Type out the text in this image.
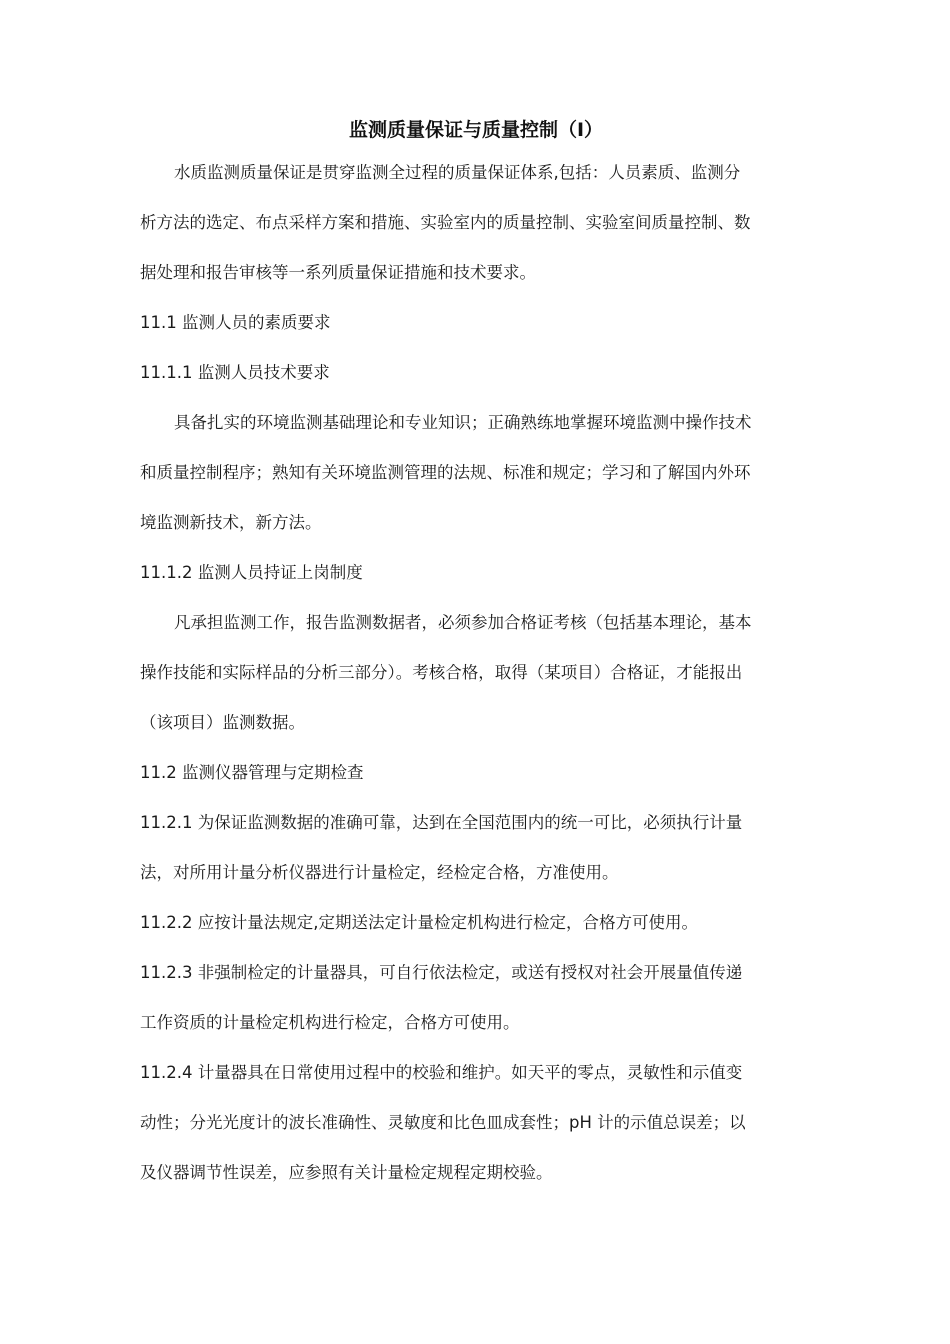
监测质量保证与质量控制（I）

水质监测质量保证是贯穿监测全过程的质量保证体系,包括：人员素质、监测分

析方法的选定、布点采样方案和措施、实验室内的质量控制、实验室间质量控制、数

据处理和报告审核等一系列质量保证措施和技术要求。

11.1 监测人员的素质要求

11.1.1 监测人员技术要求

具备扎实的环境监测基础理论和专业知识；正确熟练地掌握环境监测中操作技术

和质量控制程序；熟知有关环境监测管理的法规、标准和规定；学习和了解国内外环

境监测新技术，新方法。

11.1.2 监测人员持证上岗制度

凡承担监测工作，报告监测数据者，必须参加合格证考核（包括基本理论，基本

操作技能和实际样品的分析三部分）。考核合格，取得（某项目）合格证，才能报出

（该项目）监测数据。

11.2 监测仪器管理与定期检查

11.2.1 为保证监测数据的准确可靠，达到在全国范围内的统一可比，必须执行计量

法，对所用计量分析仪器进行计量检定，经检定合格，方准使用。

11.2.2 应按计量法规定,定期送法定计量检定机构进行检定，合格方可使用。

11.2.3 非强制检定的计量器具，可自行依法检定，或送有授权对社会开展量值传递

工作资质的计量检定机构进行检定，合格方可使用。

11.2.4 计量器具在日常使用过程中的校验和维护。如天平的零点，灵敏性和示值变

动性；分光光度计的波长准确性、灵敏度和比色皿成套性；pH 计的示值总误差；以

及仪器调节性误差，应参照有关计量检定规程定期校验。
